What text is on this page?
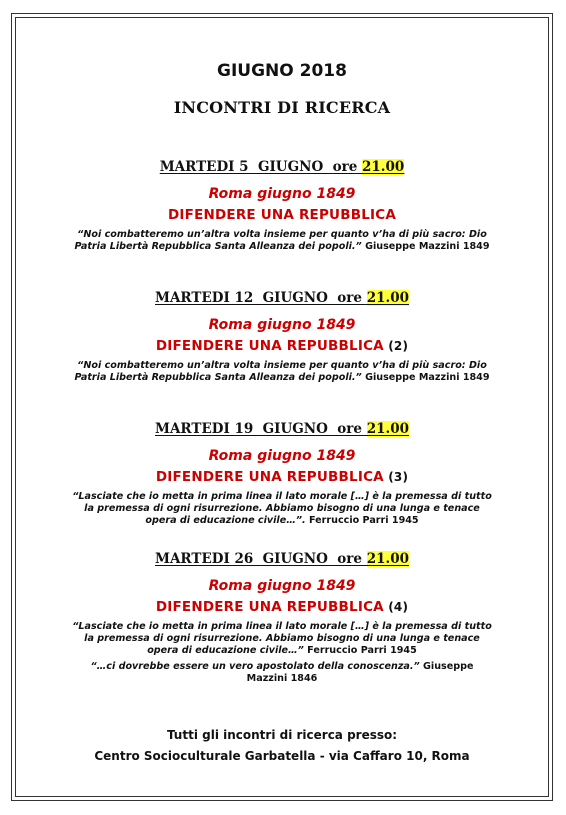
GIUGNO 2018
INCONTRI DI RICERCA
MARTEDI 5  GIUGNO  ore 21.00
Roma giugno 1849
DIFENDERE UNA REPUBBLICA
“Noi combatteremo un’altra volta insieme per quanto v’ha di più sacro: Dio Patria Libertà Repubblica Santa Alleanza dei popoli.” Giuseppe Mazzini 1849
MARTEDI 12  GIUGNO  ore 21.00
Roma giugno 1849
DIFENDERE UNA REPUBBLICA (2)
“Noi combatteremo un’altra volta insieme per quanto v’ha di più sacro: Dio Patria Libertà Repubblica Santa Alleanza dei popoli.” Giuseppe Mazzini 1849
MARTEDI 19  GIUGNO  ore 21.00
Roma giugno 1849
DIFENDERE UNA REPUBBLICA (3)
“Lasciate che io metta in prima linea il lato morale […] è la premessa di tutto la premessa di ogni risurrezione. Abbiamo bisogno di una lunga e tenace opera di educazione civile…”. Ferruccio Parri 1945
MARTEDI 26  GIUGNO  ore 21.00
Roma giugno 1849
DIFENDERE UNA REPUBBLICA (4)
“Lasciate che io metta in prima linea il lato morale […] è la premessa di tutto la premessa di ogni risurrezione. Abbiamo bisogno di una lunga e tenace opera di educazione civile…” Ferruccio Parri 1945
“…ci dovrebbe essere un vero apostolato della conoscenza.” Giuseppe Mazzini 1846
Tutti gli incontri di ricerca presso:
Centro Socioculturale Garbatella - via Caffaro 10, Roma
